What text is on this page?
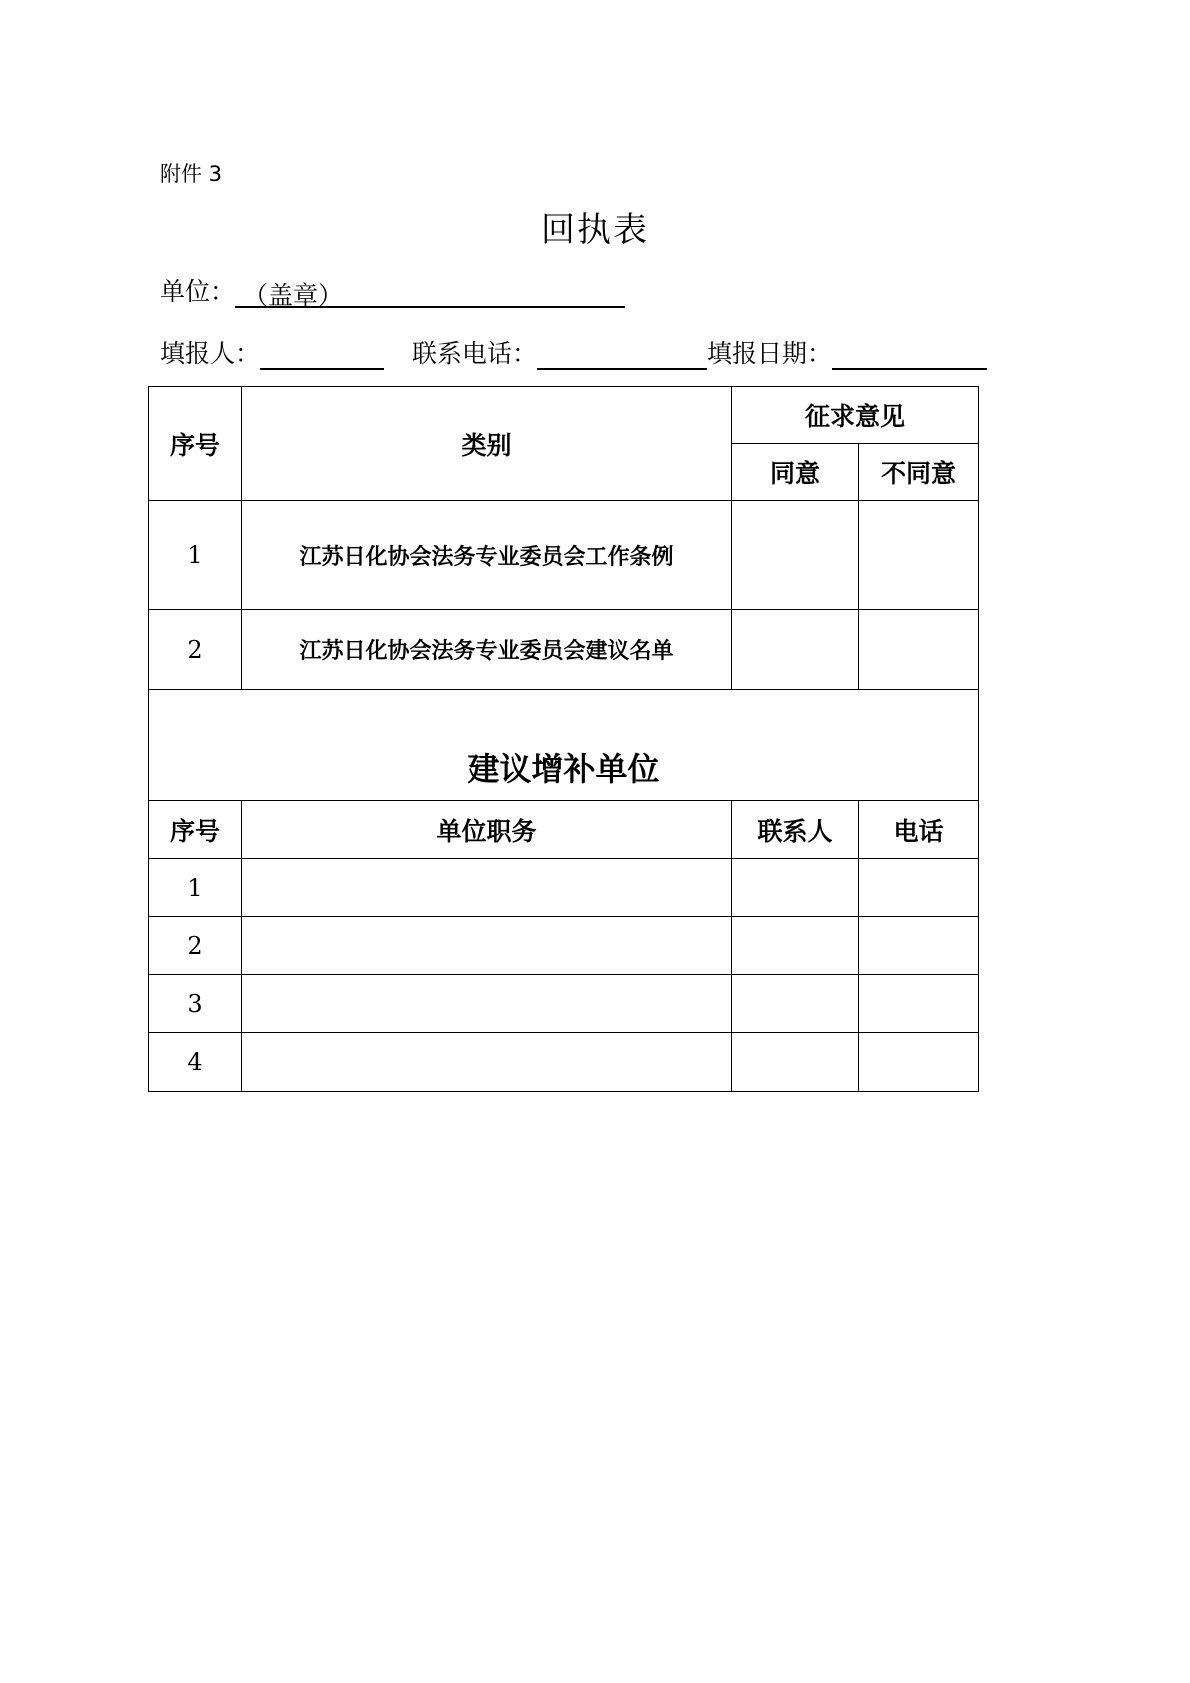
附件 3
回执表
单位： （盖章）
填报人：	联系电话：	填报日期：
序号	类别	征求意见	
		同意	不同意
1	江苏日化协会法务专业委员会工作条例		
2	江苏日化协会法务专业委员会建议名单		
建议增补单位			
序号	单位职务	联系人	电话
1			
2			
3			
4			
